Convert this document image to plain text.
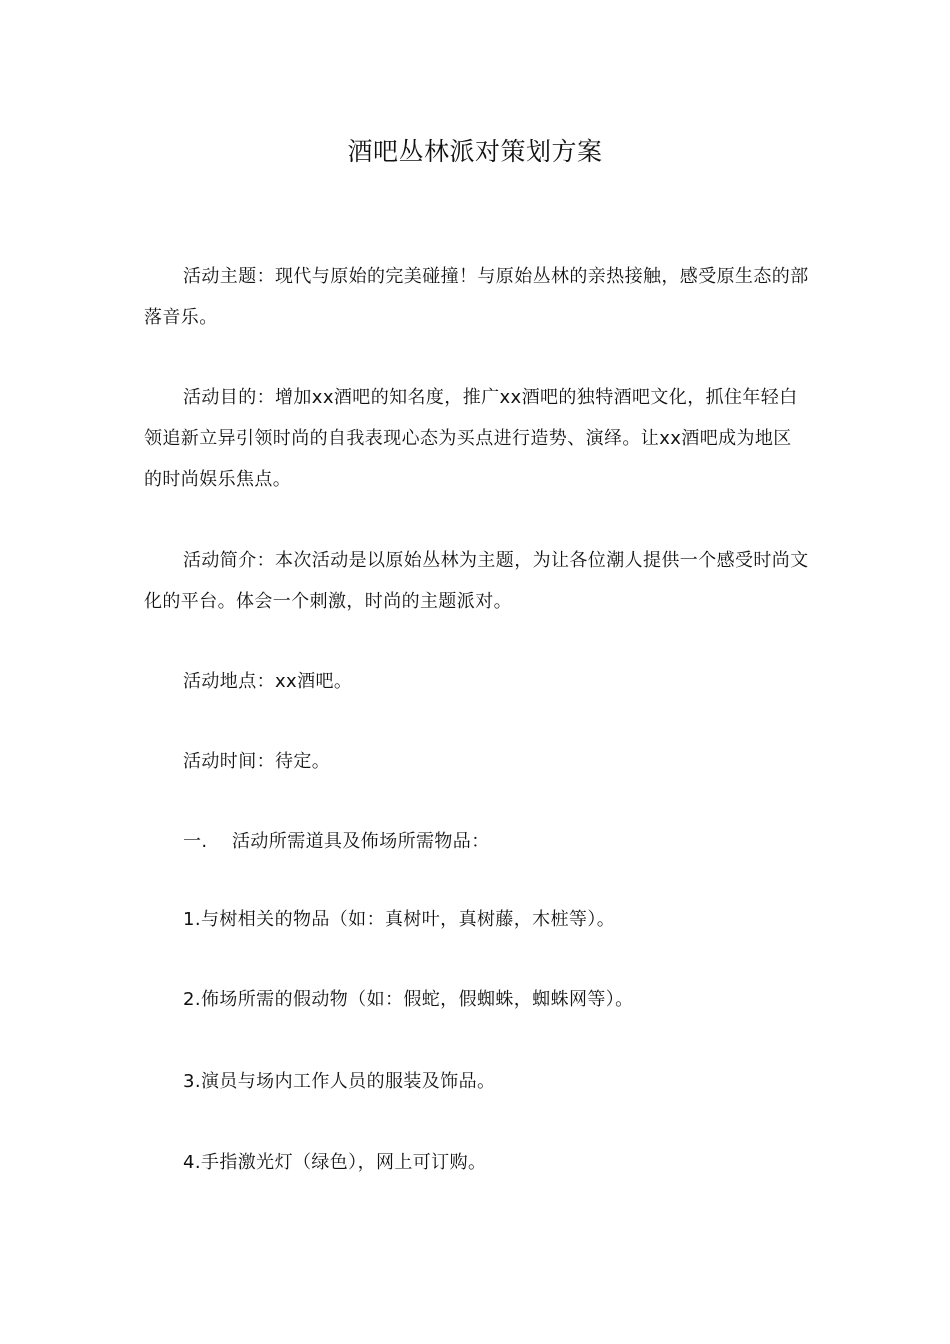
酒吧丛林派对策划方案

活动主题：现代与原始的完美碰撞！与原始丛林的亲热接触，感受原生态的部落音乐。

活动目的：增加xx酒吧的知名度，推广xx酒吧的独特酒吧文化，抓住年轻白领追新立异引领时尚的自我表现心态为买点进行造势、演绎。让xx酒吧成为地区的时尚娱乐焦点。

活动简介：本次活动是以原始丛林为主题，为让各位潮人提供一个感受时尚文化的平台。体会一个刺激，时尚的主题派对。

活动地点：xx酒吧。

活动时间：待定。

一. 活动所需道具及佈场所需物品：
1.与树相关的物品（如：真树叶，真树藤，木桩等）。
2.佈场所需的假动物（如：假蛇，假蜘蛛，蜘蛛网等）。
3.演员与场内工作人员的服装及饰品。
4.手指激光灯（绿色），网上可订购。
